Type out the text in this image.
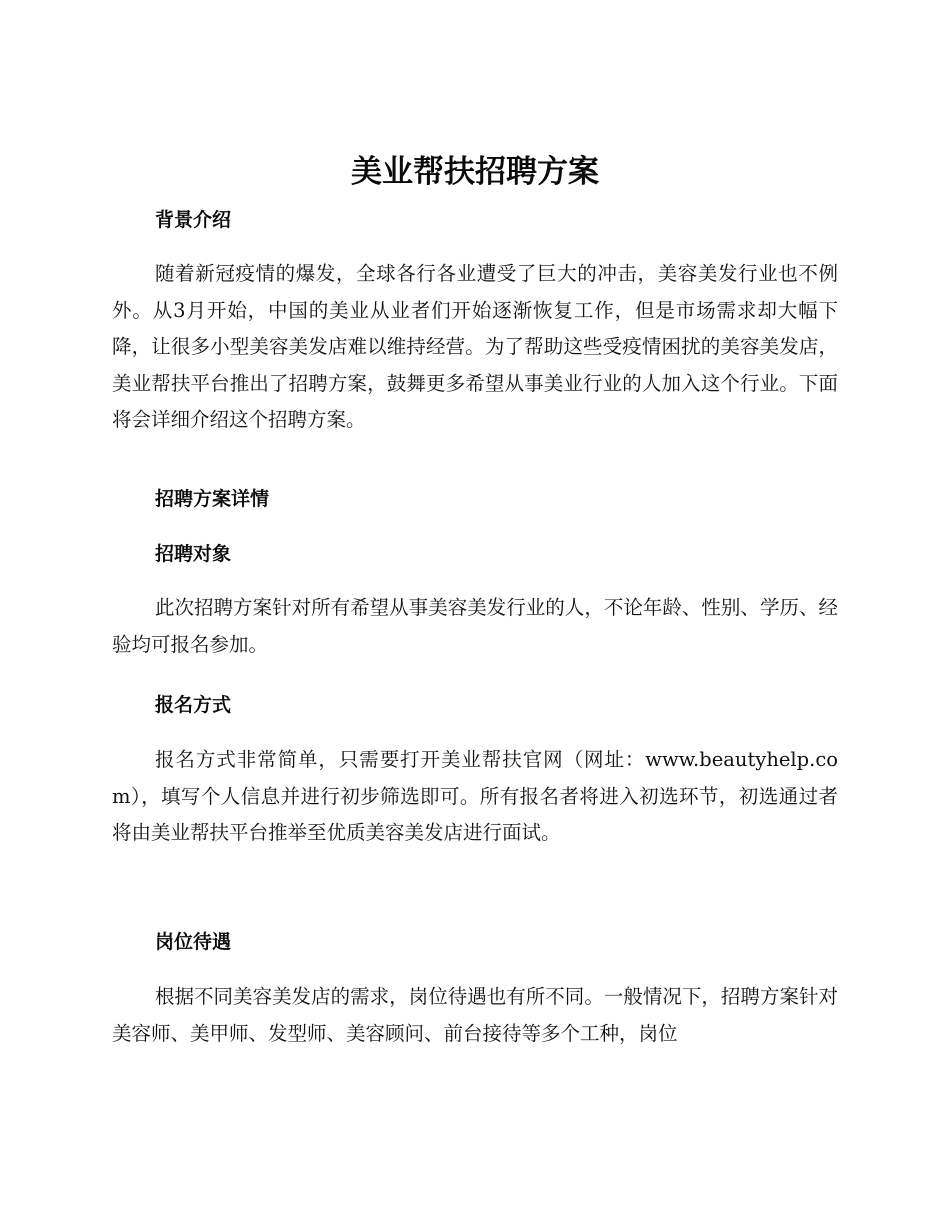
美业帮扶招聘方案
背景介绍

随着新冠疫情的爆发，全球各行各业遭受了巨大的冲击，美容美发行业也不例外。从3月开始，中国的美业从业者们开始逐渐恢复工作，但是市场需求却大幅下降，让很多小型美容美发店难以维持经营。为了帮助这些受疫情困扰的美容美发店，美业帮扶平台推出了招聘方案，鼓舞更多希望从事美业行业的人加入这个行业。下面将会详细介绍这个招聘方案。

招聘方案详情
招聘对象

此次招聘方案针对所有希望从事美容美发行业的人，不论年龄、性别、学历、经验均可报名参加。

报名方式

报名方式非常简单，只需要打开美业帮扶官网（网址：www.beautyhelp.com），填写个人信息并进行初步筛选即可。所有报名者将进入初选环节，初选通过者将由美业帮扶平台推举至优质美容美发店进行面试。

岗位待遇

根据不同美容美发店的需求，岗位待遇也有所不同。一般情况下，招聘方案针对美容师、美甲师、发型师、美容顾问、前台接待等多个工种，岗位
